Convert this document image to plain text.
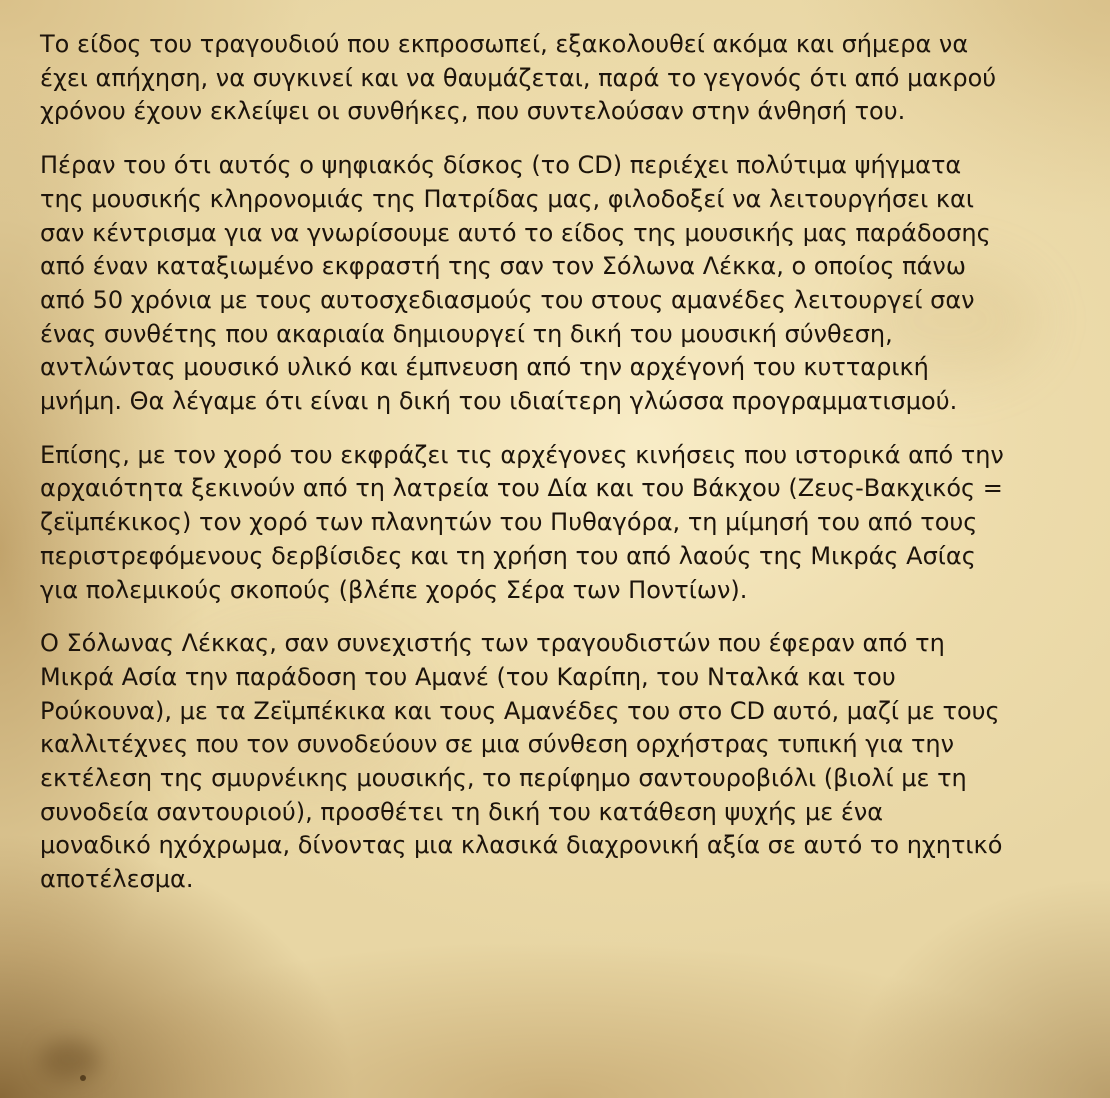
Το είδος του τραγουδιού που εκπροσωπεί, εξακολουθεί ακόμα και σήμερα να
έχει απήχηση, να συγκινεί και να θαυμάζεται, παρά το γεγονός ότι από μακρού
χρόνου έχουν εκλείψει οι συνθήκες, που συντελούσαν στην άνθησή του.

Πέραν του ότι αυτός ο ψηφιακός δίσκος (το CD) περιέχει πολύτιμα ψήγματα
της μουσικής κληρονομιάς της Πατρίδας μας, φιλοδοξεί να λειτουργήσει και
σαν κέντρισμα για να γνωρίσουμε αυτό το είδος της μουσικής μας παράδοσης
από έναν καταξιωμένο εκφραστή της σαν τον Σόλωνα Λέκκα, ο οποίος πάνω
από 50 χρόνια με τους αυτοσχεδιασμούς του στους αμανέδες λειτουργεί σαν
ένας συνθέτης που ακαριαία δημιουργεί τη δική του μουσική σύνθεση,
αντλώντας μουσικό υλικό και έμπνευση από την αρχέγονή του κυτταρική
μνήμη. Θα λέγαμε ότι είναι η δική του ιδιαίτερη γλώσσα προγραμματισμού.

Επίσης, με τον χορό του εκφράζει τις αρχέγονες κινήσεις που ιστορικά από την
αρχαιότητα ξεκινούν από τη λατρεία του Δία και του Βάκχου (Ζευς-Βακχικός =
ζεϊμπέκικος) τον χορό των πλανητών του Πυθαγόρα, τη μίμησή του από τους
περιστρεφόμενους δερβίσιδες και τη χρήση του από λαούς της Μικράς Ασίας
για πολεμικούς σκοπούς (βλέπε χορός Σέρα των Ποντίων).

Ο Σόλωνας Λέκκας, σαν συνεχιστής των τραγουδιστών που έφεραν από τη
Μικρά Ασία την παράδοση του Αμανέ (του Καρίπη, του Νταλκά και του
Ρούκουνα), με τα Ζεϊμπέκικα και τους Αμανέδες του στο CD αυτό, μαζί με τους
καλλιτέχνες που τον συνοδεύουν σε μια σύνθεση ορχήστρας τυπική για την
εκτέλεση της σμυρνέικης μουσικής, το περίφημο σαντουροβιόλι (βιολί με τη
συνοδεία σαντουριού), προσθέτει τη δική του κατάθεση ψυχής με ένα
μοναδικό ηχόχρωμα, δίνοντας μια κλασικά διαχρονική αξία σε αυτό το ηχητικό
αποτέλεσμα.
